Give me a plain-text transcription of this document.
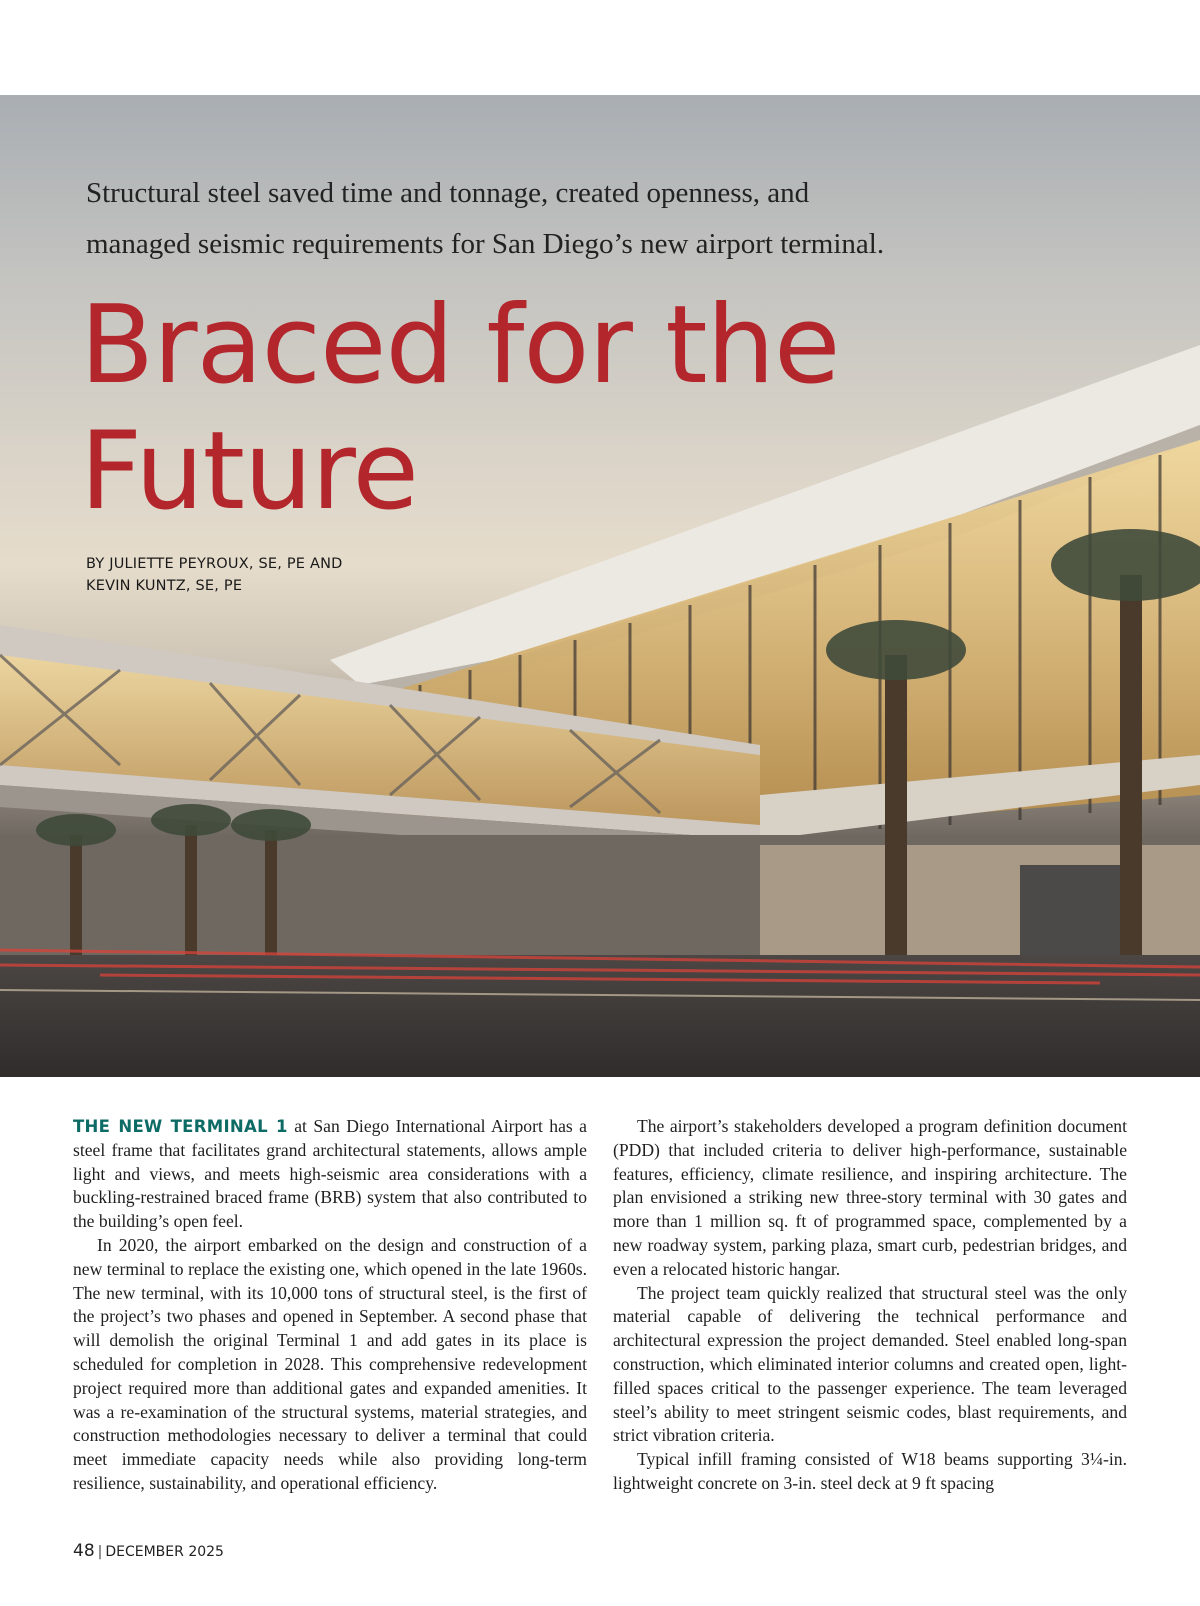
Structural steel saved time and tonnage, created openness, and
managed seismic requirements for San Diego’s new airport terminal.
Braced for the
Future
BY JULIETTE PEYROUX, SE, PE AND
KEVIN KUNTZ, SE, PE

THE NEW TERMINAL 1 at San Diego International Airport has a steel frame that facilitates grand architectural statements, allows ample light and views, and meets high-seismic area considerations with a buckling-restrained braced frame (BRB) system that also contributed to the building’s open feel.

In 2020, the airport embarked on the design and construction of a new terminal to replace the existing one, which opened in the late 1960s. The new terminal, with its 10,000 tons of structural steel, is the first of the project’s two phases and opened in September. A second phase that will demolish the original Terminal 1 and add gates in its place is scheduled for completion in 2028. This comprehensive redevelopment project required more than additional gates and expanded amenities. It was a re-examination of the structural systems, material strategies, and construction methodologies necessary to deliver a terminal that could meet immediate capacity needs while also providing long-term resilience, sustainability, and operational efficiency.

The airport’s stakeholders developed a program definition document (PDD) that included criteria to deliver high-performance, sustainable features, efficiency, climate resilience, and inspiring architecture. The plan envisioned a striking new three-story terminal with 30 gates and more than 1 million sq. ft of programmed space, complemented by a new roadway system, parking plaza, smart curb, pedestrian bridges, and even a relocated historic hangar.

The project team quickly realized that structural steel was the only material capable of delivering the technical performance and architectural expression the project demanded. Steel enabled long-span construction, which eliminated interior columns and created open, light-filled spaces critical to the passenger experience. The team leveraged steel’s ability to meet stringent seismic codes, blast requirements, and strict vibration criteria.

Typical infill framing consisted of W18 beams supporting 3¼-in. lightweight concrete on 3-in. steel deck at 9 ft spacing

48 | DECEMBER 2025
